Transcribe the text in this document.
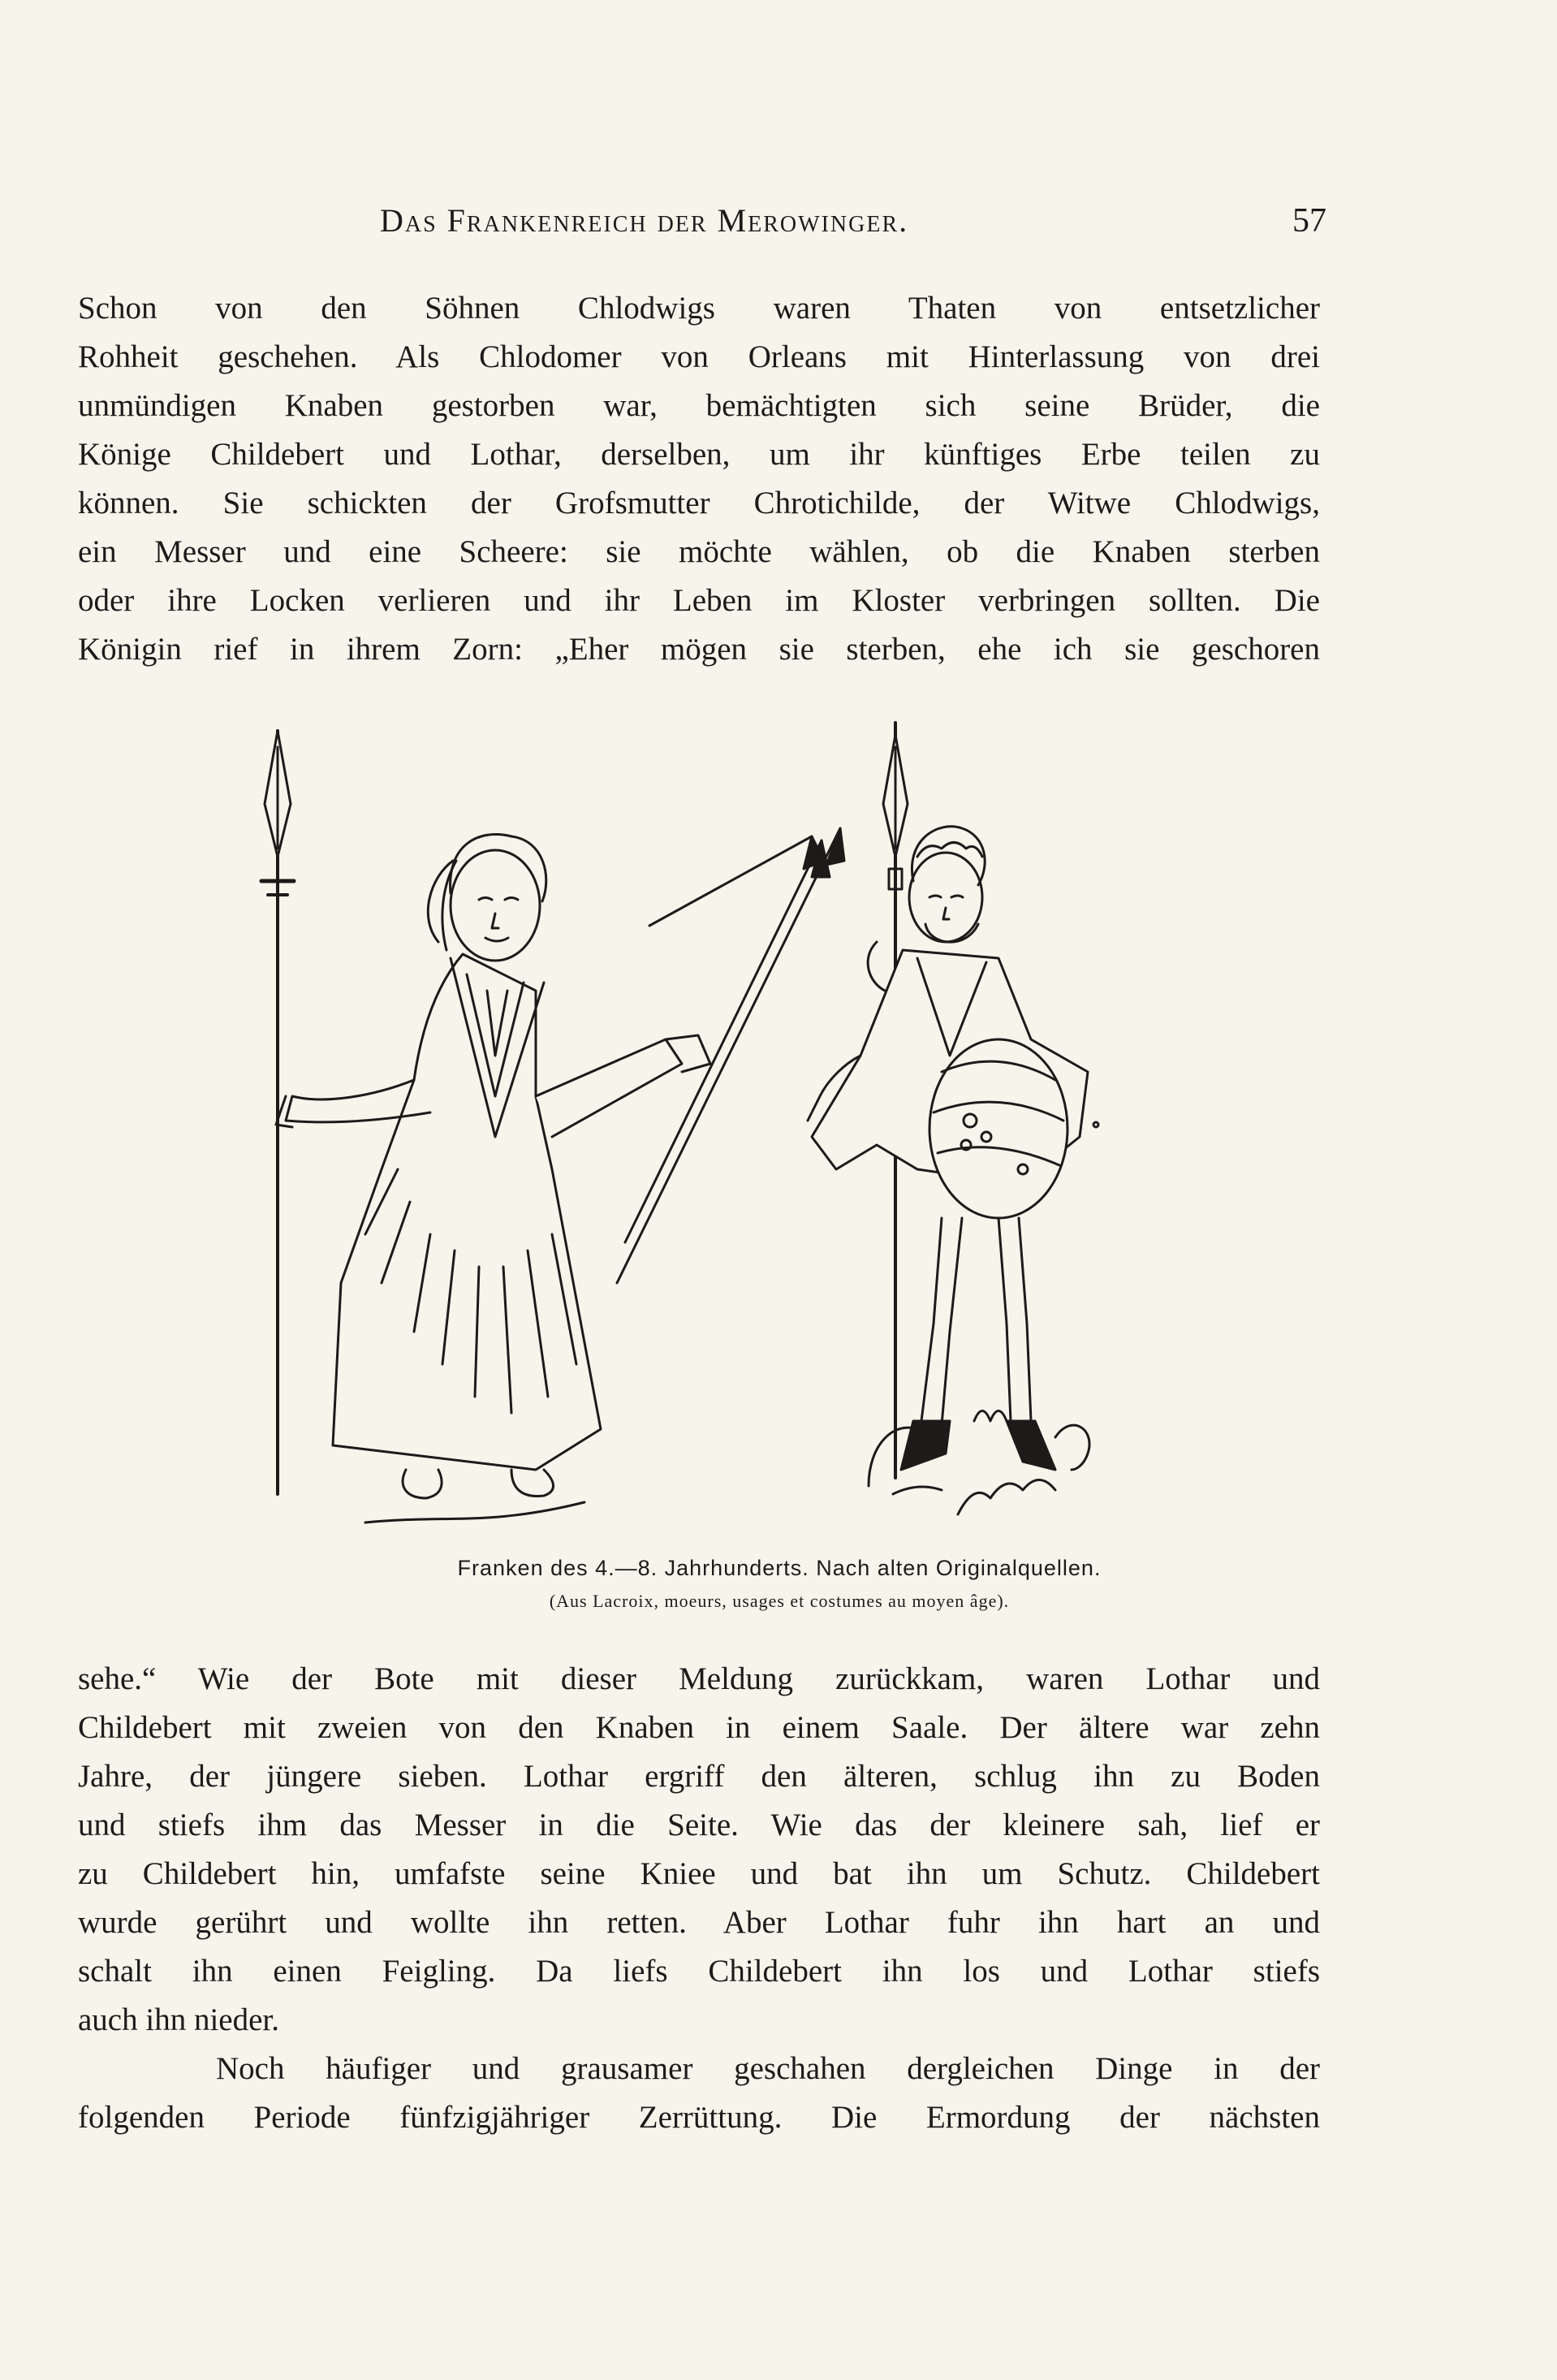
Das Frankenreich der Merowinger.	57
Schon von den Söhnen Chlodwigs waren Thaten von entsetzlicher
Rohheit geschehen. Als Chlodomer von Orleans mit Hinterlassung von drei
unmündigen Knaben gestorben war, bemächtigten sich seine Brüder, die
Könige Childebert und Lothar, derselben, um ihr künftiges Erbe teilen zu
können. Sie schickten der Grofsmutter Chrotichilde, der Witwe Chlodwigs,
ein Messer und eine Scheere: sie möchte wählen, ob die Knaben sterben
oder ihre Locken verlieren und ihr Leben im Kloster verbringen sollten. Die
Königin rief in ihrem Zorn: „Eher mögen sie sterben, ehe ich sie geschoren
Franken des 4.—8. Jahrhunderts. Nach alten Originalquellen.
(Aus Lacroix, moeurs, usages et costumes au moyen âge).
sehe.“ Wie der Bote mit dieser Meldung zurückkam, waren Lothar und
Childebert mit zweien von den Knaben in einem Saale. Der ältere war zehn
Jahre, der jüngere sieben. Lothar ergriff den älteren, schlug ihn zu Boden
und stiefs ihm das Messer in die Seite. Wie das der kleinere sah, lief er
zu Childebert hin, umfafste seine Kniee und bat ihn um Schutz. Childebert
wurde gerührt und wollte ihn retten. Aber Lothar fuhr ihn hart an und
schalt ihn einen Feigling. Da liefs Childebert ihn los und Lothar stiefs
auch ihn nieder.
Noch häufiger und grausamer geschahen dergleichen Dinge in der
folgenden Periode fünfzigjähriger Zerrüttung. Die Ermordung der nächsten
